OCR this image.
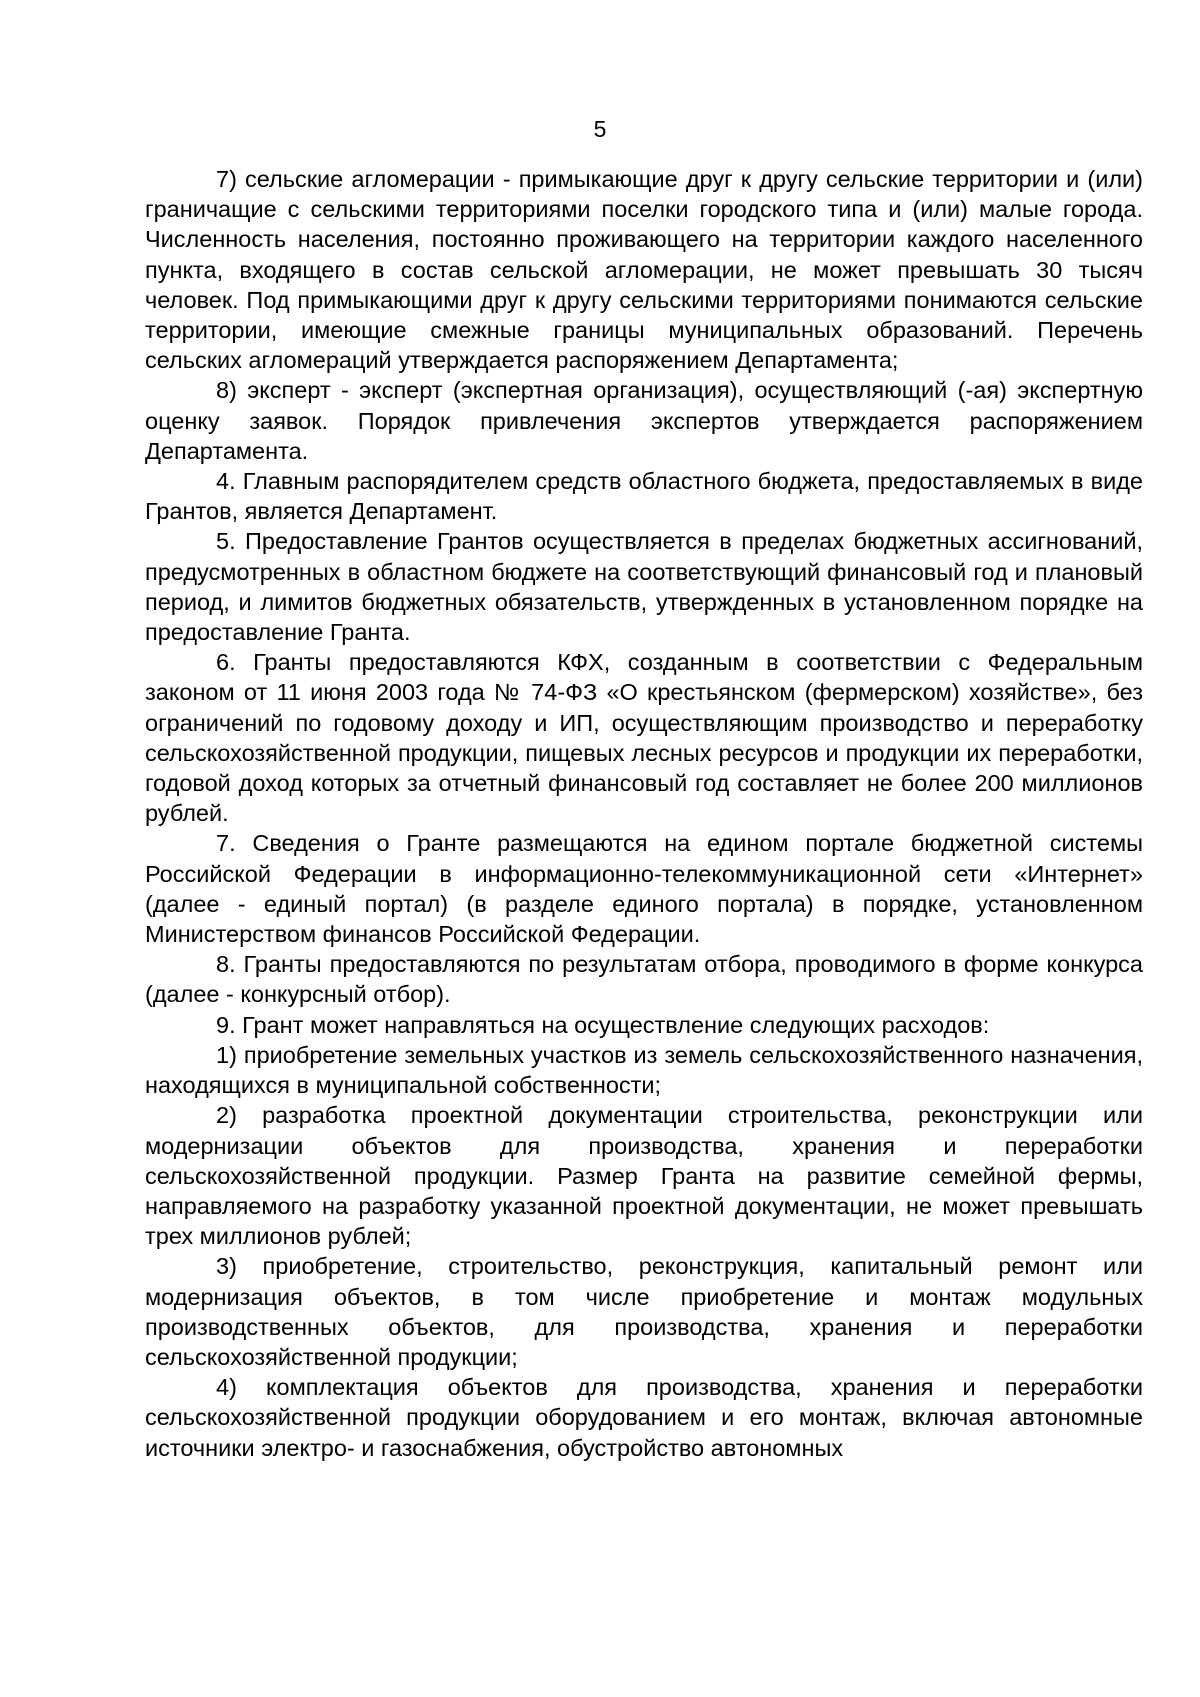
5

7) сельские агломерации - примыкающие друг к другу сельские территории и (или) граничащие с сельскими территориями поселки городского типа и (или) малые города. Численность населения, постоянно проживающего на территории каждого населенного пункта, входящего в состав сельской агломерации, не может превышать 30 тысяч человек. Под примыкающими друг к другу сельскими территориями понимаются сельские территории, имеющие смежные границы муниципальных образований. Перечень сельских агломераций утверждается распоряжением Департамента;

8) эксперт - эксперт (экспертная организация), осуществляющий (-ая) экспертную оценку заявок. Порядок привлечения экспертов утверждается распоряжением Департамента.

4. Главным распорядителем средств областного бюджета, предоставляемых в виде Грантов, является Департамент.

5. Предоставление Грантов осуществляется в пределах бюджетных ассигнований, предусмотренных в областном бюджете на соответствующий финансовый год и плановый период, и лимитов бюджетных обязательств, утвержденных в установленном порядке на предоставление Гранта.

6. Гранты предоставляются КФХ, созданным в соответствии с Федеральным законом от 11 июня 2003 года № 74-ФЗ «О крестьянском (фермерском) хозяйстве», без ограничений по годовому доходу и ИП, осуществляющим производство и переработку сельскохозяйственной продукции, пищевых лесных ресурсов и продукции их переработки, годовой доход которых за отчетный финансовый год составляет не более 200 миллионов рублей.

7. Сведения о Гранте размещаются на едином портале бюджетной системы Российской Федерации в информационно-телекоммуникационной сети «Интернет» (далее - единый портал) (в разделе единого портала) в порядке, установленном Министерством финансов Российской Федерации.

8. Гранты предоставляются по результатам отбора, проводимого в форме конкурса (далее - конкурсный отбор).

9. Грант может направляться на осуществление следующих расходов:

1) приобретение земельных участков из земель сельскохозяйственного назначения, находящихся в муниципальной собственности;

2) разработка проектной документации строительства, реконструкции или модернизации объектов для производства, хранения и переработки сельскохозяйственной продукции. Размер Гранта на развитие семейной фермы, направляемого на разработку указанной проектной документации, не может превышать трех миллионов рублей;

3) приобретение, строительство, реконструкция, капитальный ремонт или модернизация объектов, в том числе приобретение и монтаж модульных производственных объектов, для производства, хранения и переработки сельскохозяйственной продукции;

4) комплектация объектов для производства, хранения и переработки сельскохозяйственной продукции оборудованием и его монтаж, включая автономные источники электро- и газоснабжения, обустройство автономных
